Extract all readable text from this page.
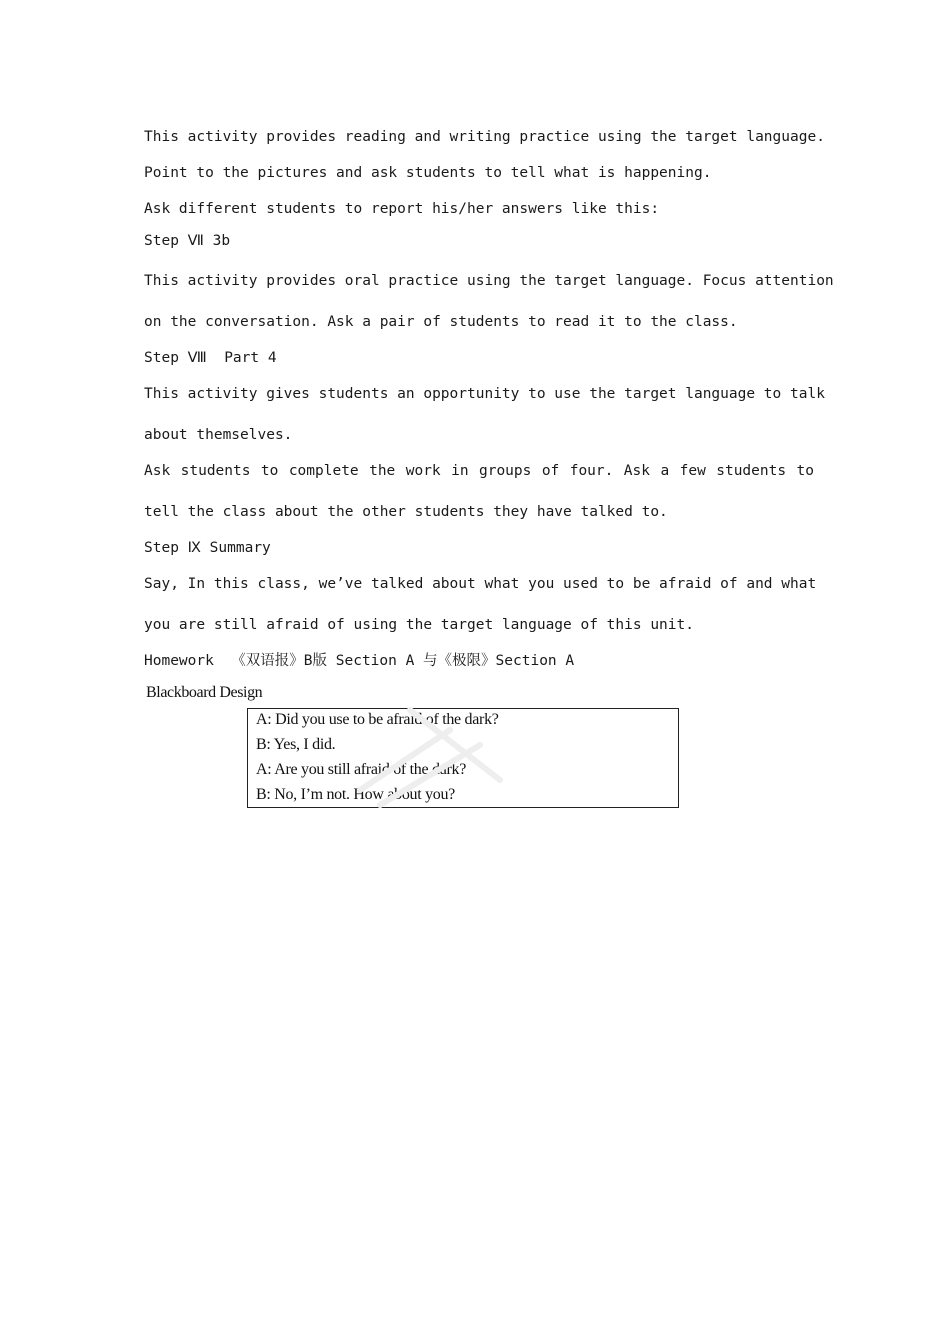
This activity provides reading and writing practice using the target language.
Point to the pictures and ask students to tell what is happening.
Ask different students to report his/her answers like this:
Step Ⅶ 3b
This activity provides oral practice using the target language. Focus attention
on the conversation. Ask a pair of students to read it to the class.
Step Ⅷ  Part 4
This activity gives students an opportunity to use the target language to talk
about themselves.
Ask students to complete the work in groups of four. Ask a few students to
tell the class about the other students they have talked to.
Step Ⅸ Summary
Say, In this class, we’ve talked about what you used to be afraid of and what
you are still afraid of using the target language of this unit.
Homework  《双语报》B版 Section A 与《极限》Section A
Blackboard Design
A: Did you use to be afraid of the dark?
B: Yes, I did.
A: Are you still afraid of the dark?
B: No, I’m not. How about you?
